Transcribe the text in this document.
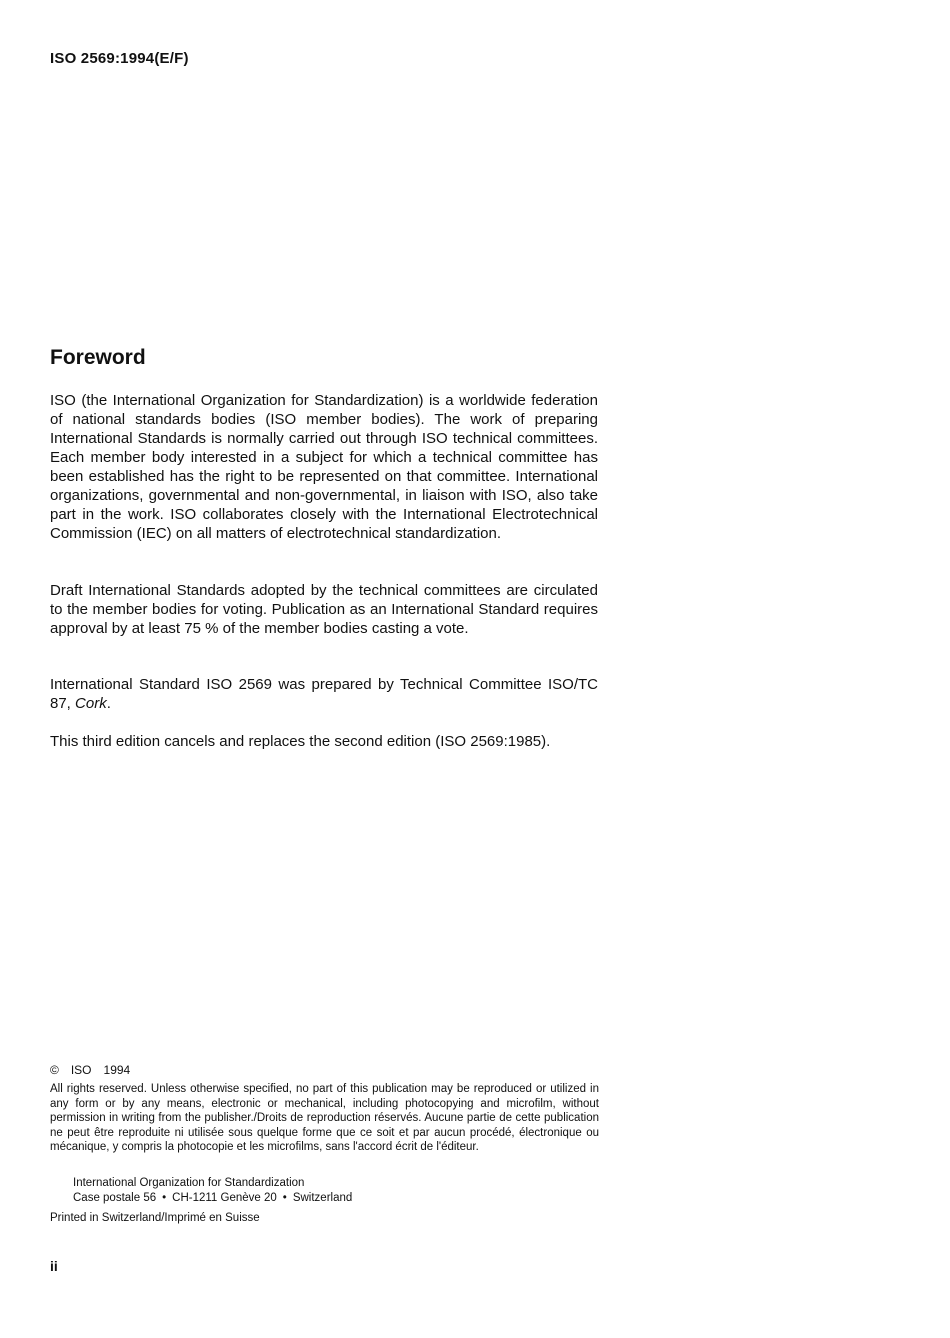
ISO 2569:1994(E/F)
Foreword

ISO (the International Organization for Standardization) is a worldwide federation of national standards bodies (ISO member bodies). The work of preparing International Standards is normally carried out through ISO technical committees. Each member body interested in a subject for which a technical committee has been established has the right to be represented on that committee. International organizations, governmental and non-governmental, in liaison with ISO, also take part in the work. ISO collaborates closely with the International Electrotechnical Commission (IEC) on all matters of electrotechnical standardization.

Draft International Standards adopted by the technical committees are circulated to the member bodies for voting. Publication as an International Standard requires approval by at least 75 % of the member bodies casting a vote.

International Standard ISO 2569 was prepared by Technical Committee ISO/TC 87, Cork.

This third edition cancels and replaces the second edition (ISO 2569:1985).

© ISO 1994

All rights reserved. Unless otherwise specified, no part of this publication may be reproduced or utilized in any form or by any means, electronic or mechanical, including photocopying and microfilm, without permission in writing from the publisher./Droits de reproduction réservés. Aucune partie de cette publication ne peut être reproduite ni utilisée sous quelque forme que ce soit et par aucun procédé, électronique ou mécanique, y compris la photocopie et les microfilms, sans l'accord écrit de l'éditeur.

International Organization for Standardization
Case postale 56 • CH-1211 Genève 20 • Switzerland
Printed in Switzerland/Imprimé en Suisse
ii
